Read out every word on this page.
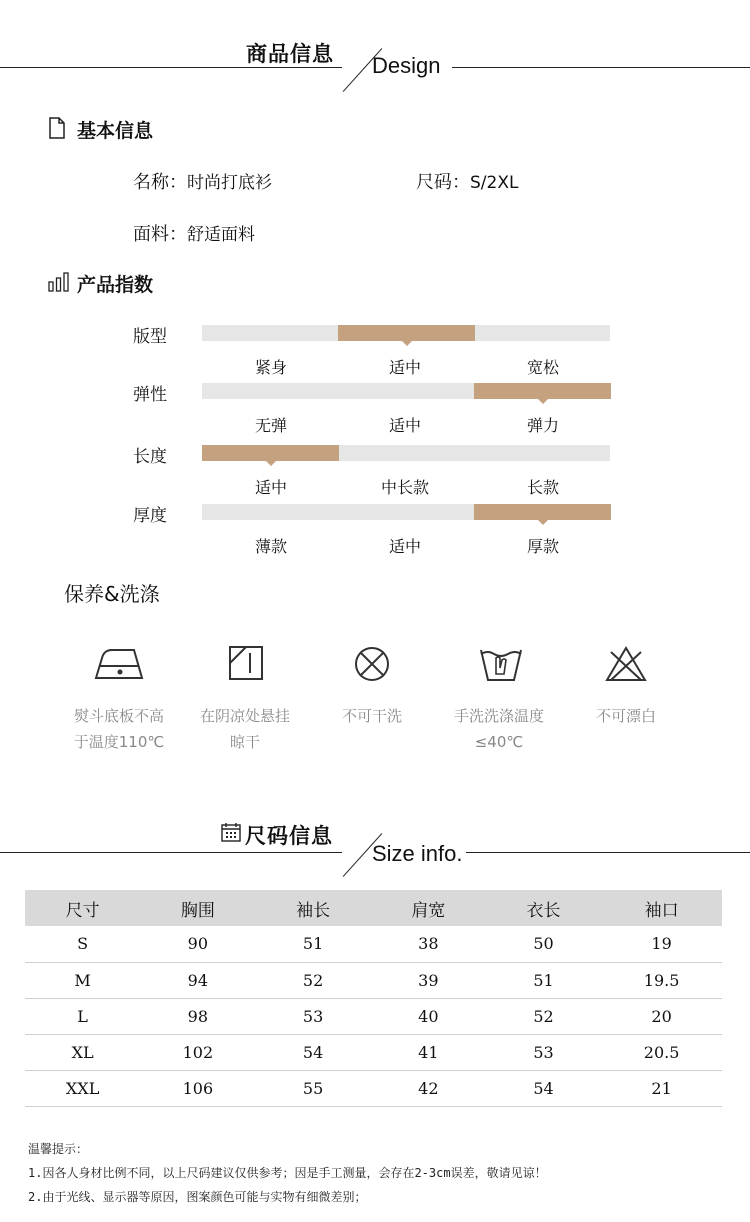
商品信息 Design
基本信息
名称：时尚打底衫	尺码：S/2XL
面料：舒适面料
产品指数
版型
紧身	适中	宽松
弹性
无弹	适中	弹力
长度
适中	中长款	长款
厚度
薄款	适中	厚款
保养&洗涤
熨斗底板不高
于温度110℃
在阴凉处悬挂
晾干
不可干洗	手洗洗涤温度
≤40℃
不可漂白
尺码信息
Size info.
尺寸	胸围	袖长	肩宽	衣长	袖口
S	90	51	38	50	19
M	94	52	39	51	19.5
L	98	53	40	52	20
XL	102	54	41	53	20.5
XXL	106	55	42	54	21
温馨提示：
1.因各人身材比例不同，以上尺码建议仅供参考；因是手工测量，会存在2-3cm误差，敬请见谅！
2.由于光线、显示器等原因，图案颜色可能与实物有细微差别；
